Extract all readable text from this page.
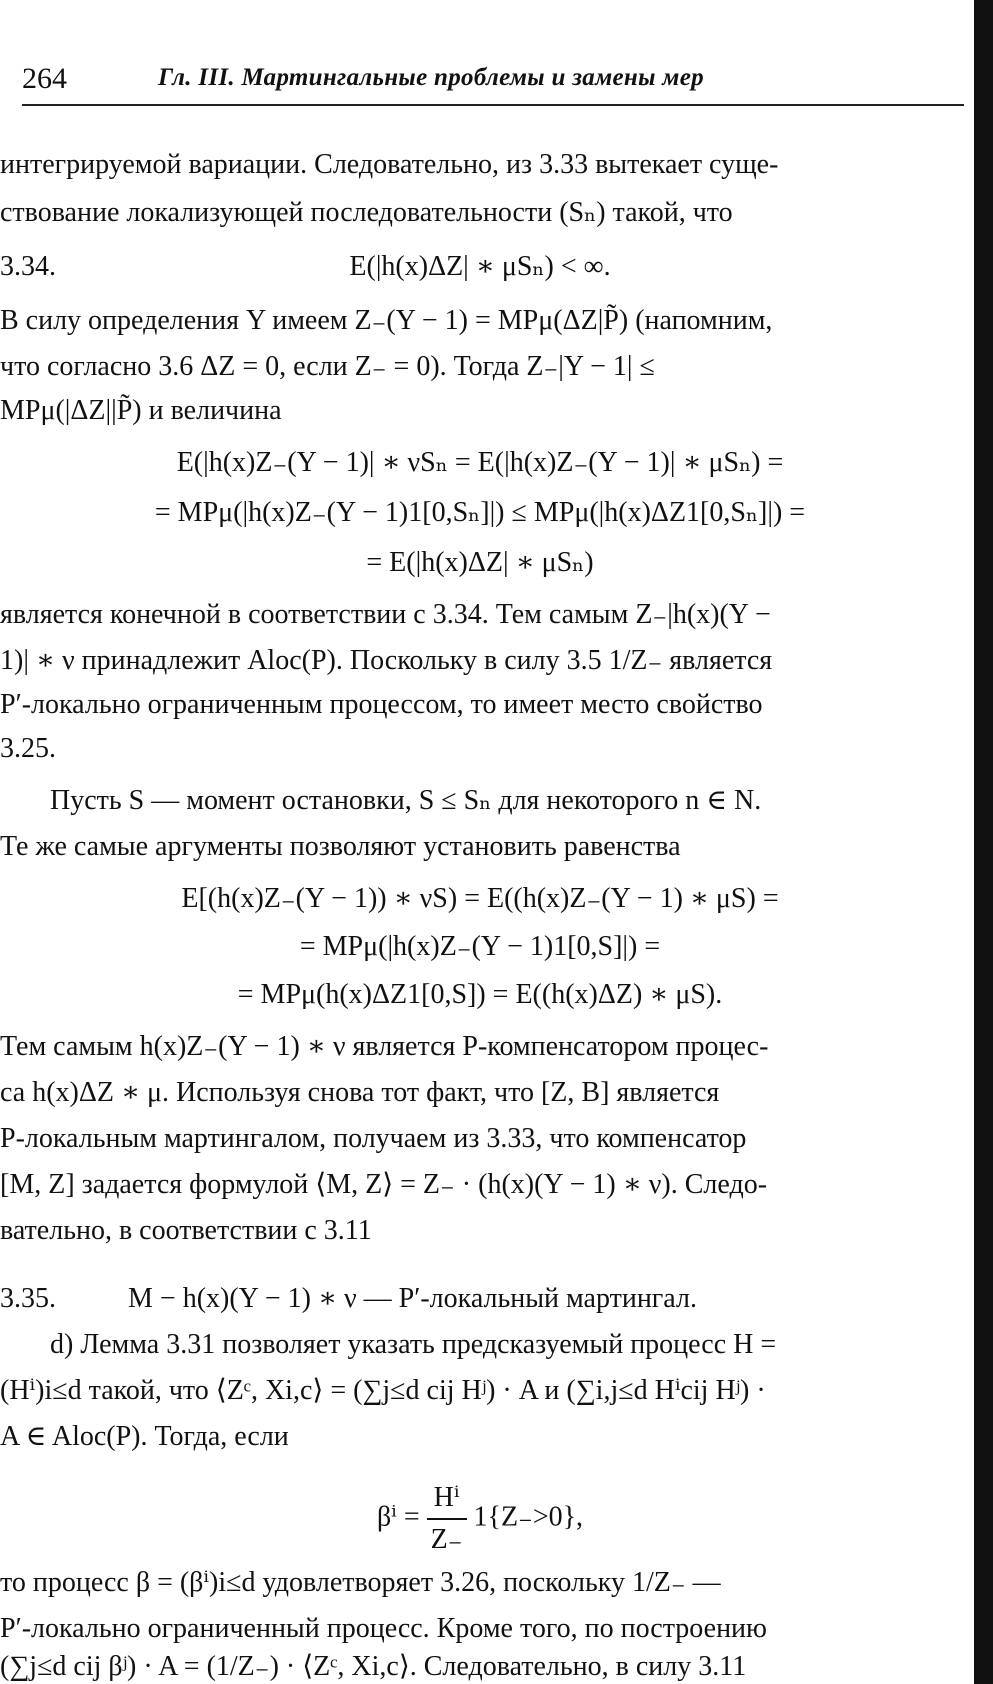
264	Гл. III. Мартингальные проблемы и замены мер
интегрируемой вариации. Следовательно, из 3.33 вытекает суще-
ствование локализующей последовательности (Sₙ) такой, что
3.34.	E(|h(x)ΔZ| ∗ μSₙ) < ∞.
В силу определения Y имеем Z₋(Y − 1) = MPμ(ΔZ|P̃) (напомним,
что согласно 3.6 ΔZ = 0, если Z₋ = 0). Тогда Z₋|Y − 1| ≤
MPμ(|ΔZ||P̃) и величина
E(|h(x)Z₋(Y − 1)| ∗ νSₙ = E(|h(x)Z₋(Y − 1)| ∗ μSₙ) =
= MPμ(|h(x)Z₋(Y − 1)1[0,Sₙ]|) ≤ MPμ(|h(x)ΔZ1[0,Sₙ]|) =
= E(|h(x)ΔZ| ∗ μSₙ)
является конечной в соответствии с 3.34. Тем самым Z₋|h(x)(Y −
1)| ∗ ν принадлежит Aloc(P). Поскольку в силу 3.5 1/Z₋ является
P′-локально ограниченным процессом, то имеет место свойство
3.25.
Пусть S — момент остановки, S ≤ Sₙ для некоторого n ∈ N.
Те же самые аргументы позволяют установить равенства
E[(h(x)Z₋(Y − 1)) ∗ νS) = E((h(x)Z₋(Y − 1) ∗ μS) =
= MPμ(|h(x)Z₋(Y − 1)1[0,S]|) =
= MPμ(h(x)ΔZ1[0,S]) = E((h(x)ΔZ) ∗ μS).
Тем самым h(x)Z₋(Y − 1) ∗ ν является P-компенсатором процес-
са h(x)ΔZ ∗ μ. Используя снова тот факт, что [Z, B] является
P-локальным мартингалом, получаем из 3.33, что компенсатор
[M, Z] задается формулой ⟨M, Z⟩ = Z₋ · (h(x)(Y − 1) ∗ ν). Следо-
вательно, в соответствии с 3.11
3.35.	M − h(x)(Y − 1) ∗ ν — P′-локальный мартингал.
d) Лемма 3.31 позволяет указать предсказуемый процесс H =
(Hⁱ)i≤d такой, что ⟨Zᶜ, Xi,c⟩ = (∑j≤d cij Hʲ) · A и (∑i,j≤d Hⁱcij Hʲ) ·
A ∈ Aloc(P). Тогда, если
$\beta^i = \frac{\text{Hⁱ}}{Z_-} 1\{Z_->0\}$,
то процесс β = (βⁱ)i≤d удовлетворяет 3.26, поскольку 1/Z₋ —
P′-локально ограниченный процесс. Кроме того, по построению
(∑j≤d cij βʲ) · A = (1/Z₋) · ⟨Zᶜ, Xi,c⟩. Следовательно, в силу 3.11
